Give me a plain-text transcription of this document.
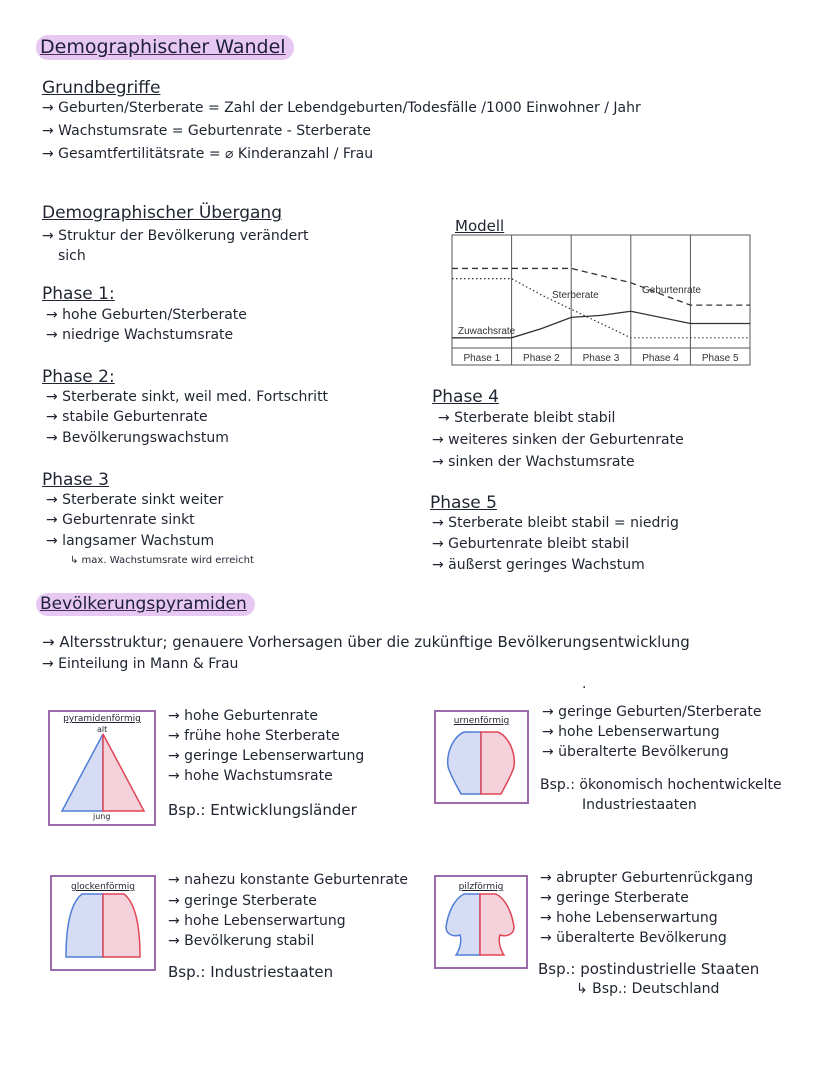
Demographischer Wandel
Grundbegriffe
→ Geburten/Sterberate = Zahl der Lebendgeburten/Todesfälle /1000 Einwohner / Jahr
→ Wachstumsrate = Geburtenrate - Sterberate
→ Gesamtfertilitätsrate = ⌀ Kinderanzahl / Frau
Demographischer Übergang
→ Struktur der Bevölkerung verändert
sich
Phase 1:
→ hohe Geburten/Sterberate
→ niedrige Wachstumsrate
Phase 2:
→ Sterberate sinkt, weil med. Fortschritt
→ stabile Geburtenrate
→ Bevölkerungswachstum
Phase 3
→ Sterberate sinkt weiter
→ Geburtenrate sinkt
→ langsamer Wachstum
↳ max. Wachstumsrate wird erreicht
Modell
Phase 1 Phase 2 Phase 3 Phase 4 Phase 5
Sterberate	Geburtenrate
Zuwachsrate
Phase 4
→ Sterberate bleibt stabil
→ weiteres sinken der Geburtenrate
→ sinken der Wachstumsrate
Phase 5
→ Sterberate bleibt stabil = niedrig
→ Geburtenrate bleibt stabil
→ äußerst geringes Wachstum
Bevölkerungspyramiden
→ Altersstruktur; genauere Vorhersagen über die zukünftige Bevölkerungsentwicklung
→ Einteilung in Mann & Frau
.
pyramidenförmig
alt
jung
→ hohe Geburtenrate
→ frühe hohe Sterberate
→ geringe Lebenserwartung
→ hohe Wachstumsrate
Bsp.: Entwicklungsländer
urnenförmig
→ geringe Geburten/Sterberate
→ hohe Lebenserwartung
→ überalterte Bevölkerung
Bsp.: ökonomisch hochentwickelte
Industriestaaten
glockenförmig	→ nahezu konstante Geburtenrate
→ geringe Sterberate
→ hohe Lebenserwartung
→ Bevölkerung stabil
Bsp.: Industriestaaten
pilzförmig
→ abrupter Geburtenrückgang
→ geringe Sterberate
→ hohe Lebenserwartung
→ überalterte Bevölkerung
Bsp.: postindustrielle Staaten
↳ Bsp.: Deutschland
